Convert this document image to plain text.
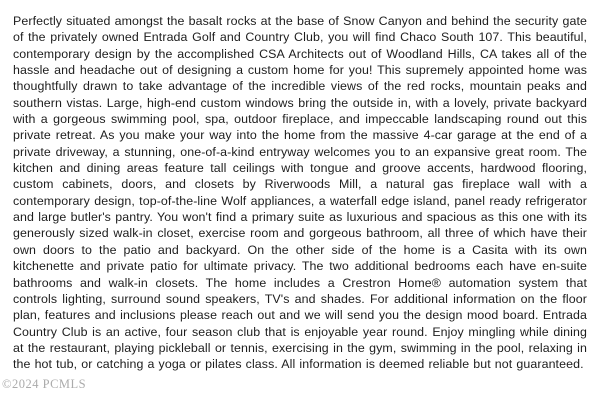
Perfectly situated amongst the basalt rocks at the base of Snow Canyon and behind the security gate of the privately owned Entrada Golf and Country Club, you will find Chaco South 107. This beautiful, contemporary design by the accomplished CSA Architects out of Woodland Hills, CA takes all of the hassle and headache out of designing a custom home for you! This supremely appointed home was thoughtfully drawn to take advantage of the incredible views of the red rocks, mountain peaks and southern vistas. Large, high-end custom windows bring the outside in, with a lovely, private backyard with a gorgeous swimming pool, spa, outdoor fireplace, and impeccable landscaping round out this private retreat. As you make your way into the home from the massive 4-car garage at the end of a private driveway, a stunning, one-of-a-kind entryway welcomes you to an expansive great room. The kitchen and dining areas feature tall ceilings with tongue and groove accents, hardwood flooring, custom cabinets, doors, and closets by Riverwoods Mill, a natural gas fireplace wall with a contemporary design, top-of-the-line Wolf appliances, a waterfall edge island, panel ready refrigerator and large butler's pantry. You won't find a primary suite as luxurious and spacious as this one with its generously sized walk-in closet, exercise room and gorgeous bathroom, all three of which have their own doors to the patio and backyard. On the other side of the home is a Casita with its own kitchenette and private patio for ultimate privacy. The two additional bedrooms each have en-suite bathrooms and walk-in closets. The home includes a Crestron Home® automation system that controls lighting, surround sound speakers, TV's and shades. For additional information on the floor plan, features and inclusions please reach out and we will send you the design mood board. Entrada Country Club is an active, four season club that is enjoyable year round. Enjoy mingling while dining at the restaurant, playing pickleball or tennis, exercising in the gym, swimming in the pool, relaxing in the hot tub, or catching a yoga or pilates class. All information is deemed reliable but not guaranteed.

©2024 PCMLS
